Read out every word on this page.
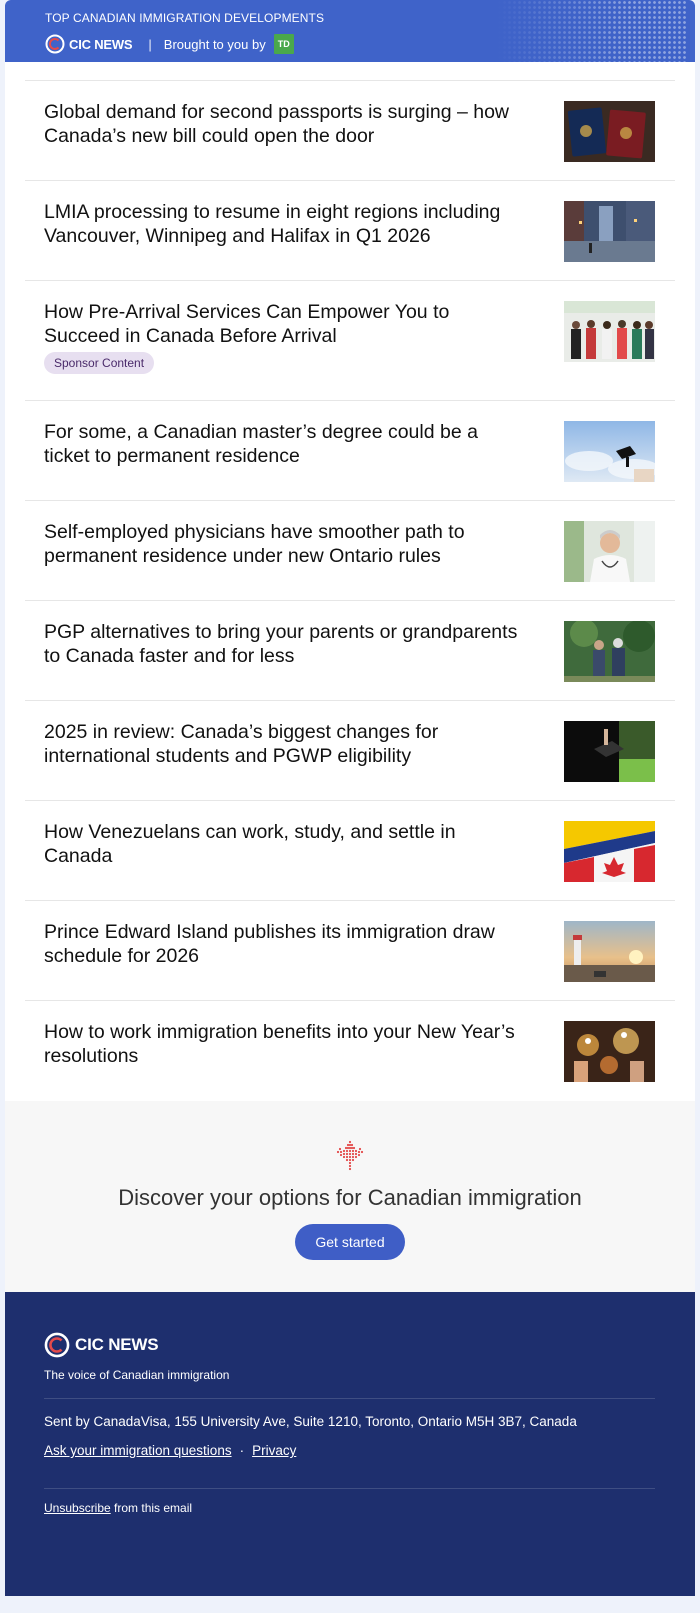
TOP CANADIAN IMMIGRATION DEVELOPMENTS
CIC NEWS | Brought to you by	TD
Global demand for second passports is surging – how Canada’s new bill could open the door
LMIA processing to resume in eight regions including Vancouver, Winnipeg and Halifax in Q1 2026
How Pre-Arrival Services Can Empower You to Succeed in Canada Before Arrival
Sponsor Content
For some, a Canadian master’s degree could be a ticket to permanent residence
Self-employed physicians have smoother path to permanent residence under new Ontario rules
PGP alternatives to bring your parents or grandparents to Canada faster and for less
2025 in review: Canada’s biggest changes for international students and PGWP eligibility
How Venezuelans can work, study, and settle in Canada
Prince Edward Island publishes its immigration draw schedule for 2026
How to work immigration benefits into your New Year’s resolutions
Discover your options for Canadian immigration
Get started
CIC NEWS
The voice of Canadian immigration
Sent by CanadaVisa, 155 University Ave, Suite 1210, Toronto, Ontario M5H 3B7, Canada
Ask your immigration questions · Privacy
Unsubscribe from this email
